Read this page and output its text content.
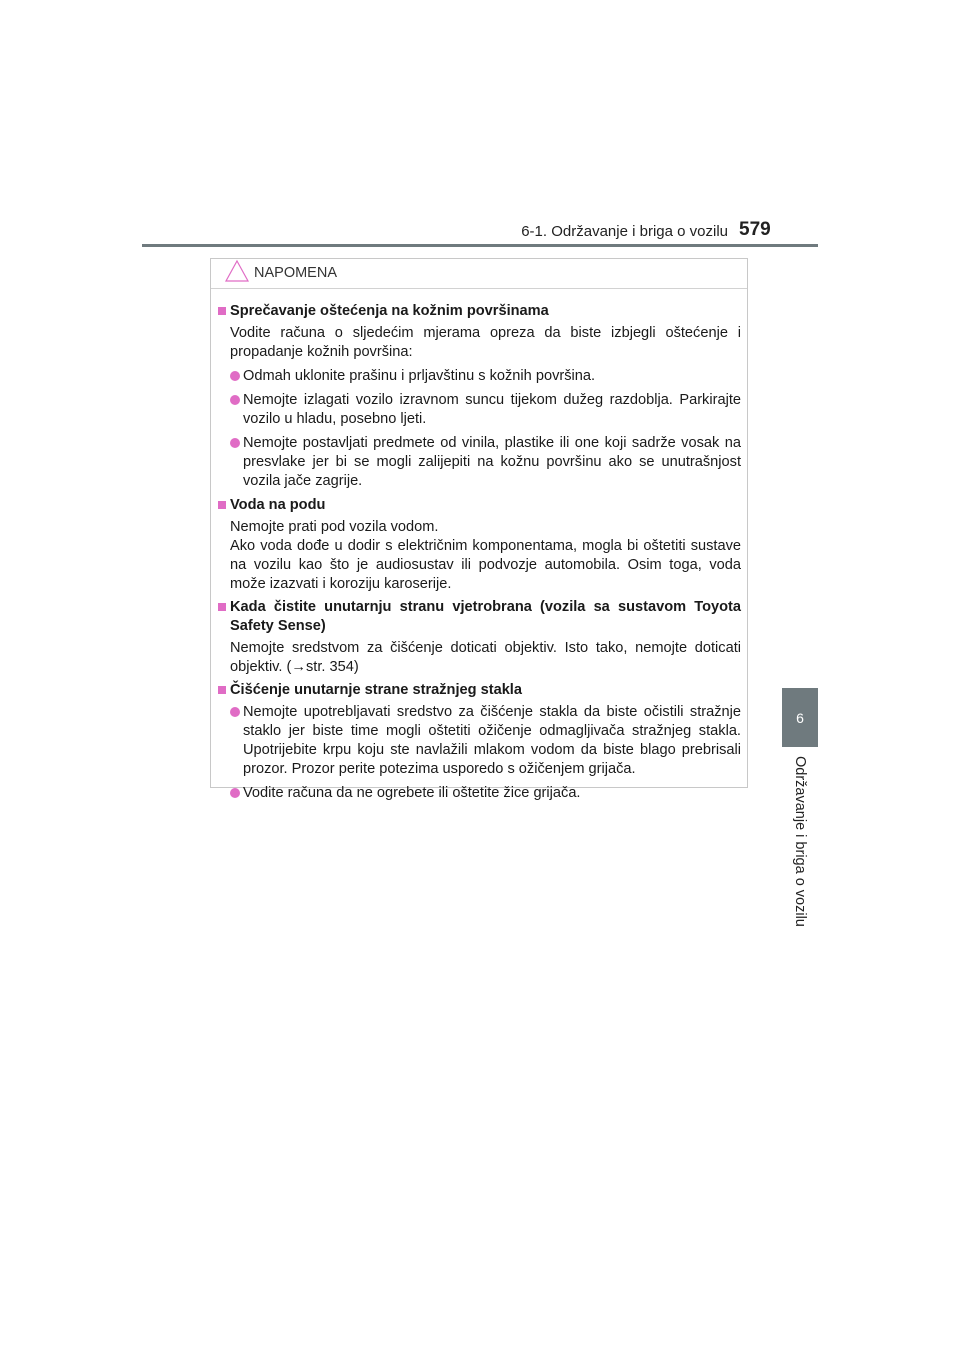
6-1. Održavanje i briga o vozilu 579
6
Održavanje i briga o vozilu
NAPOMENA
Sprečavanje oštećenja na kožnim površinama
Vodite računa o sljedećim mjerama opreza da biste izbjegli oštećenje i propadanje kožnih površina:
Odmah uklonite prašinu i prljavštinu s kožnih površina.
Nemojte izlagati vozilo izravnom suncu tijekom dužeg razdoblja. Parkirajte vozilo u hladu, posebno ljeti.
Nemojte postavljati predmete od vinila, plastike ili one koji sadrže vosak na presvlake jer bi se mogli zalijepiti na kožnu površinu ako se unutrašnjost vozila jače zagrije.
Voda na podu
Nemojte prati pod vozila vodom.
Ako voda dođe u dodir s električnim komponentama, mogla bi oštetiti sustave na vozilu kao što je audiosustav ili podvozje automobila. Osim toga, voda može izazvati i koroziju karoserije.
Kada čistite unutarnju stranu vjetrobrana (vozila sa sustavom Toyota Safety Sense)
Nemojte sredstvom za čišćenje doticati objektiv. Isto tako, nemojte doticati objektiv. (→str. 354)
Čišćenje unutarnje strane stražnjeg stakla
Nemojte upotrebljavati sredstvo za čišćenje stakla da biste očistili stražnje staklo jer biste time mogli oštetiti ožičenje odmagljivača stražnjeg stakla. Upotrijebite krpu koju ste navlažili mlakom vodom da biste blago prebrisali prozor. Prozor perite potezima usporedo s ožičenjem grijača.
Vodite računa da ne ogrebete ili oštetite žice grijača.
